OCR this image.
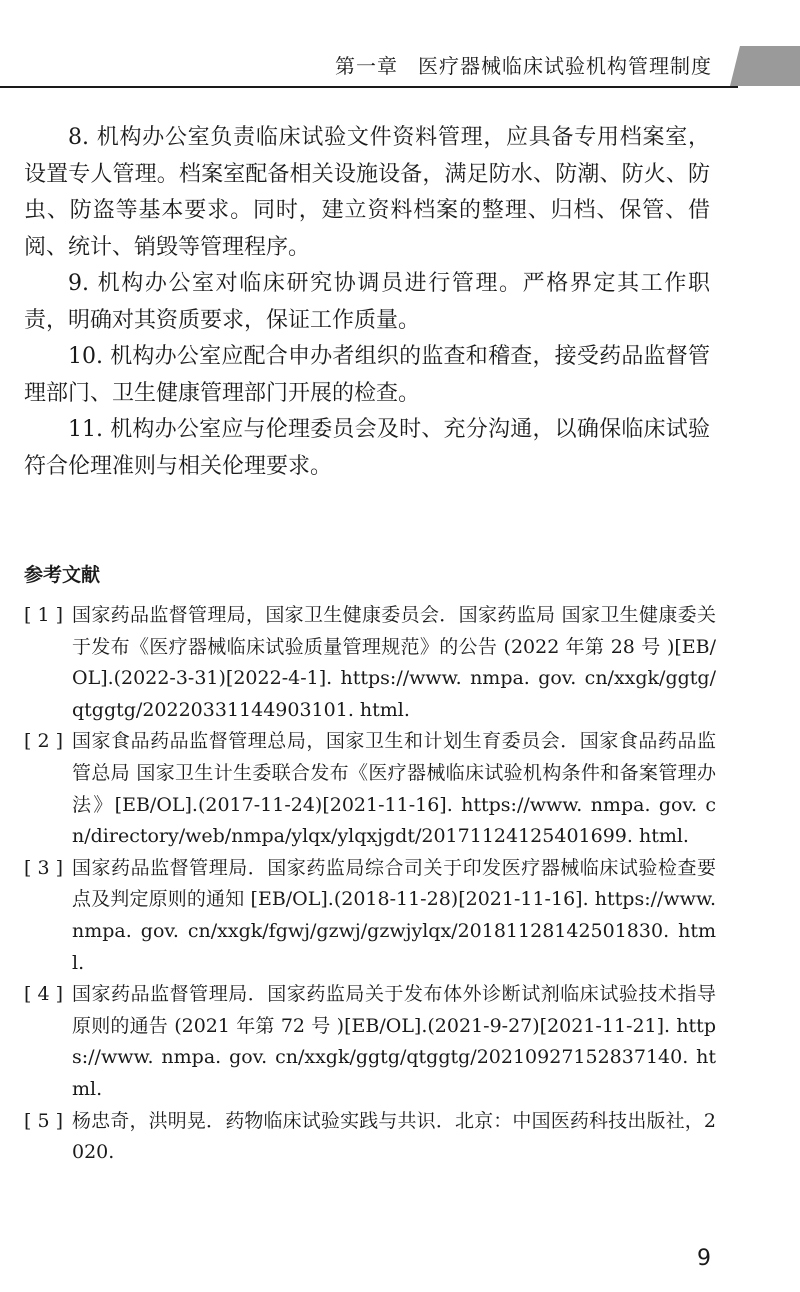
第一章 医疗器械临床试验机构管理制度

8. 机构办公室负责临床试验文件资料管理，应具备专用档案室，设置专人管理。档案室配备相关设施设备，满足防水、防潮、防火、防虫、防盗等基本要求。同时，建立资料档案的整理、归档、保管、借阅、统计、销毁等管理程序。

9. 机构办公室对临床研究协调员进行管理。严格界定其工作职责，明确对其资质要求，保证工作质量。

10. 机构办公室应配合申办者组织的监查和稽查，接受药品监督管理部门、卫生健康管理部门开展的检查。

11. 机构办公室应与伦理委员会及时、充分沟通，以确保临床试验符合伦理准则与相关伦理要求。

参考文献
[ 1 ] 国家药品监督管理局，国家卫生健康委员会．国家药监局 国家卫生健康委关于发布《医疗器械临床试验质量管理规范》的公告 (2022 年第 28 号 )[EB/OL].(2022-3-31)[2022-4-1]. https://www. nmpa. gov. cn/xxgk/ggtg/qtggtg/20220331144903101. html.
[ 2 ] 国家食品药品监督管理总局，国家卫生和计划生育委员会．国家食品药品监管总局 国家卫生计生委联合发布《医疗器械临床试验机构条件和备案管理办法》[EB/OL].(2017-11-24)[2021-11-16]. https://www. nmpa. gov. cn/directory/web/nmpa/ylqx/ylqxjgdt/20171124125401699. html.
[ 3 ] 国家药品监督管理局．国家药监局综合司关于印发医疗器械临床试验检查要点及判定原则的通知 [EB/OL].(2018-11-28)[2021-11-16]. https://www. nmpa. gov. cn/xxgk/fgwj/gzwj/gzwjylqx/20181128142501830. html.
[ 4 ] 国家药品监督管理局．国家药监局关于发布体外诊断试剂临床试验技术指导原则的通告 (2021 年第 72 号 )[EB/OL].(2021-9-27)[2021-11-21]. https://www. nmpa. gov. cn/xxgk/ggtg/qtggtg/20210927152837140. html.
[ 5 ] 杨忠奇，洪明晃．药物临床试验实践与共识．北京：中国医药科技出版社，2020.
9
